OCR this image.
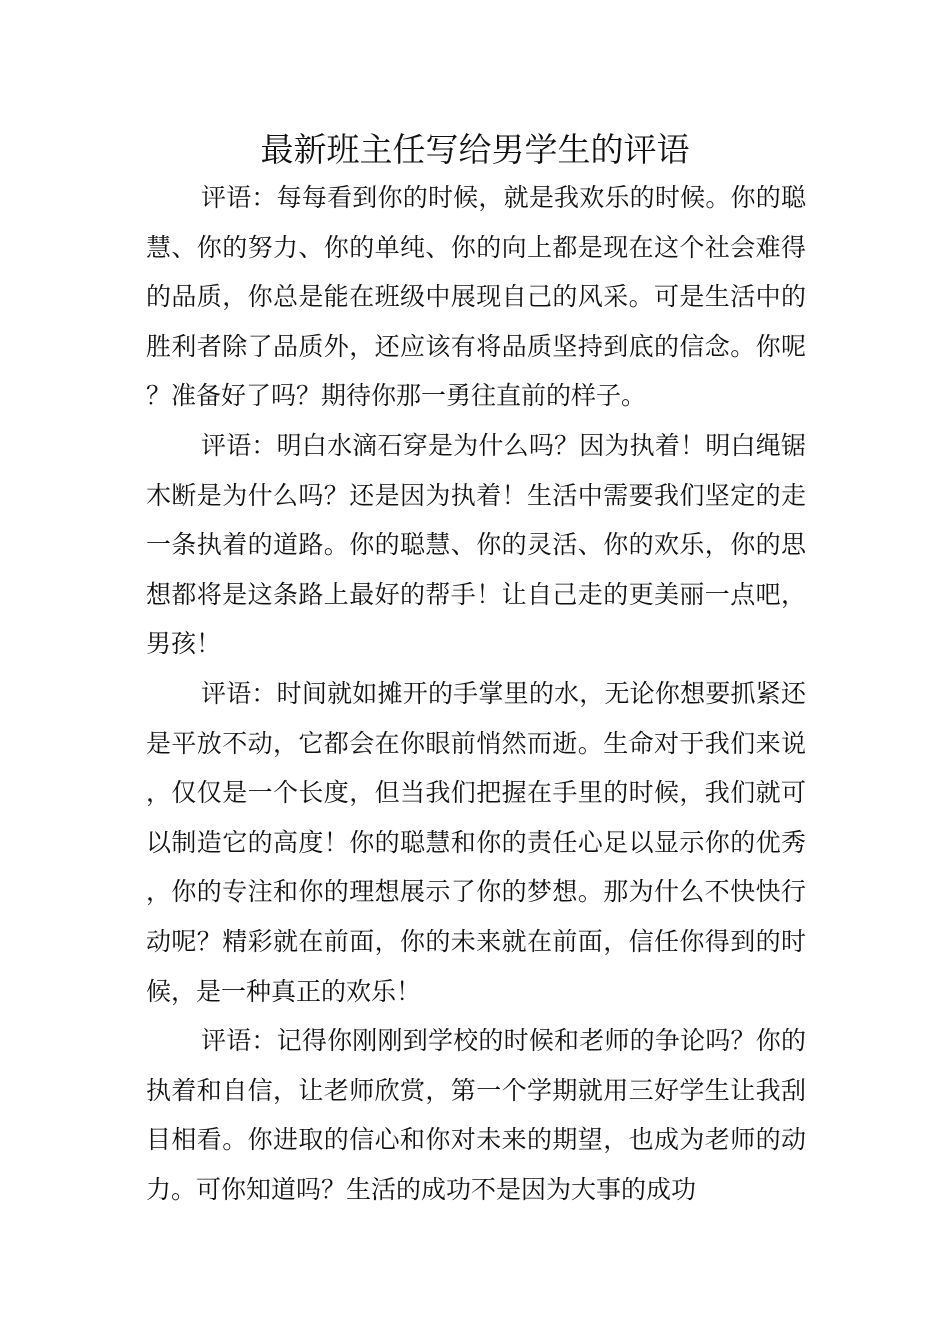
最新班主任写给男学生的评语

评语：每每看到你的时候，就是我欢乐的时候。你的聪慧、你的努力、你的单纯、你的向上都是现在这个社会难得的品质，你总是能在班级中展现自己的风采。可是生活中的胜利者除了品质外，还应该有将品质坚持到底的信念。你呢？准备好了吗？期待你那一勇往直前的样子。

评语：明白水滴石穿是为什么吗？因为执着！明白绳锯木断是为什么吗？还是因为执着！生活中需要我们坚定的走一条执着的道路。你的聪慧、你的灵活、你的欢乐，你的思想都将是这条路上最好的帮手！让自己走的更美丽一点吧，男孩！

评语：时间就如摊开的手掌里的水，无论你想要抓紧还是平放不动，它都会在你眼前悄然而逝。生命对于我们来说，仅仅是一个长度，但当我们把握在手里的时候，我们就可以制造它的高度！你的聪慧和你的责任心足以显示你的优秀，你的专注和你的理想展示了你的梦想。那为什么不快快行动呢？精彩就在前面，你的未来就在前面，信任你得到的时候，是一种真正的欢乐！

评语：记得你刚刚到学校的时候和老师的争论吗？你的执着和自信，让老师欣赏，第一个学期就用三好学生让我刮目相看。你进取的信心和你对未来的期望，也成为老师的动力。可你知道吗？生活的成功不是因为大事的成功
